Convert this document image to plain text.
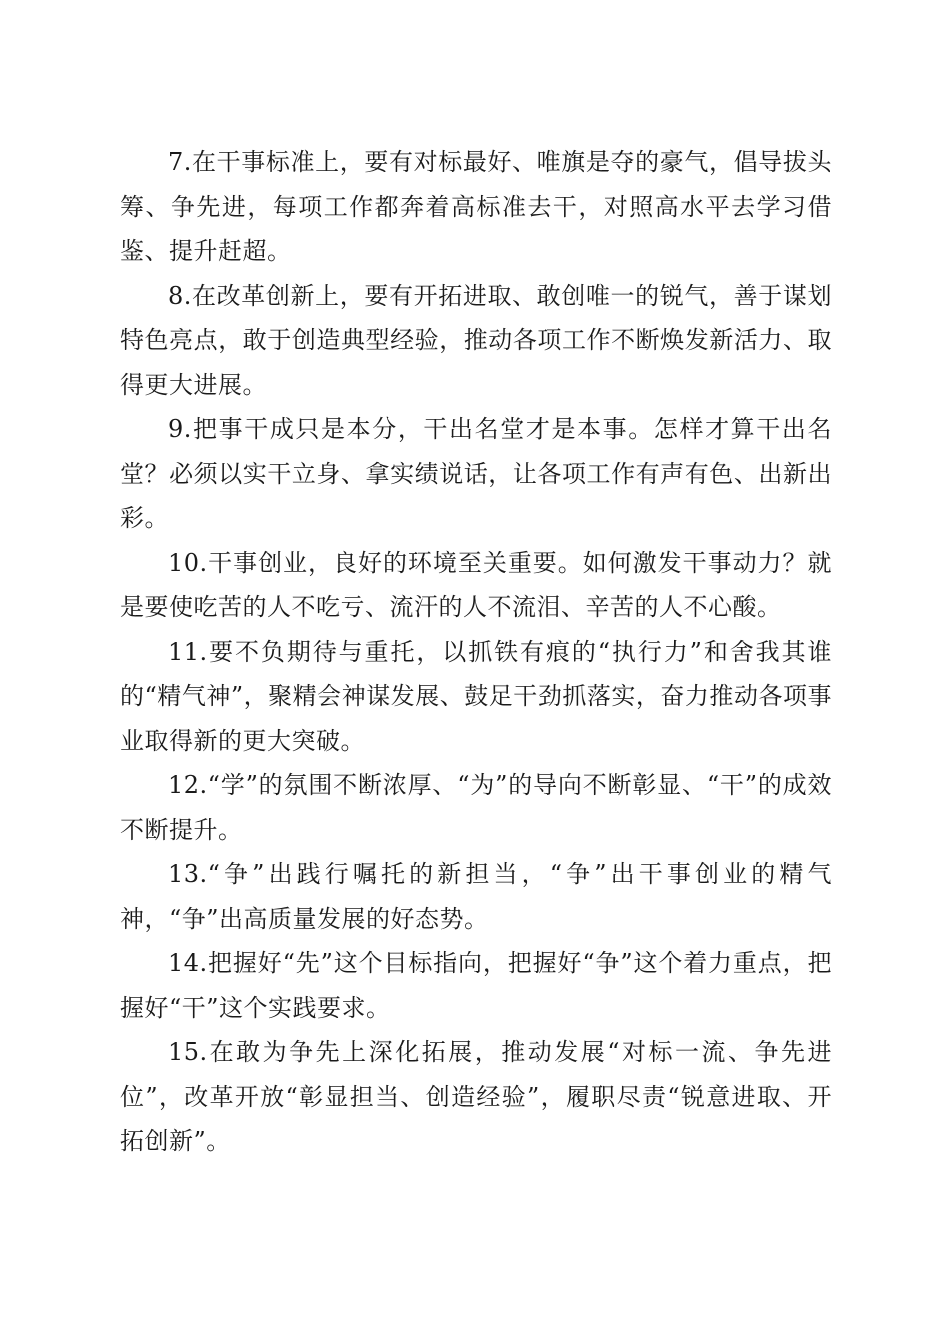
7.在干事标准上，要有对标最好、唯旗是夺的豪气，倡导拔头筹、争先进，每项工作都奔着高标准去干，对照高水平去学习借鉴、提升赶超。

8.在改革创新上，要有开拓进取、敢创唯一的锐气，善于谋划特色亮点，敢于创造典型经验，推动各项工作不断焕发新活力、取得更大进展。

9.把事干成只是本分，干出名堂才是本事。怎样才算干出名堂？必须以实干立身、拿实绩说话，让各项工作有声有色、出新出彩。

10.干事创业，良好的环境至关重要。如何激发干事动力？就是要使吃苦的人不吃亏、流汗的人不流泪、辛苦的人不心酸。

11.要不负期待与重托，以抓铁有痕的“执行力”和舍我其谁的“精气神”，聚精会神谋发展、鼓足干劲抓落实，奋力推动各项事业取得新的更大突破。

12.“学”的氛围不断浓厚、“为”的导向不断彰显、“干”的成效不断提升。

13.“争”出践行嘱托的新担当，“争”出干事创业的精气神，“争”出高质量发展的好态势。

14.把握好“先”这个目标指向，把握好“争”这个着力重点，把握好“干”这个实践要求。

15.在敢为争先上深化拓展，推动发展“对标一流、争先进位”，改革开放“彰显担当、创造经验”，履职尽责“锐意进取、开拓创新”。
